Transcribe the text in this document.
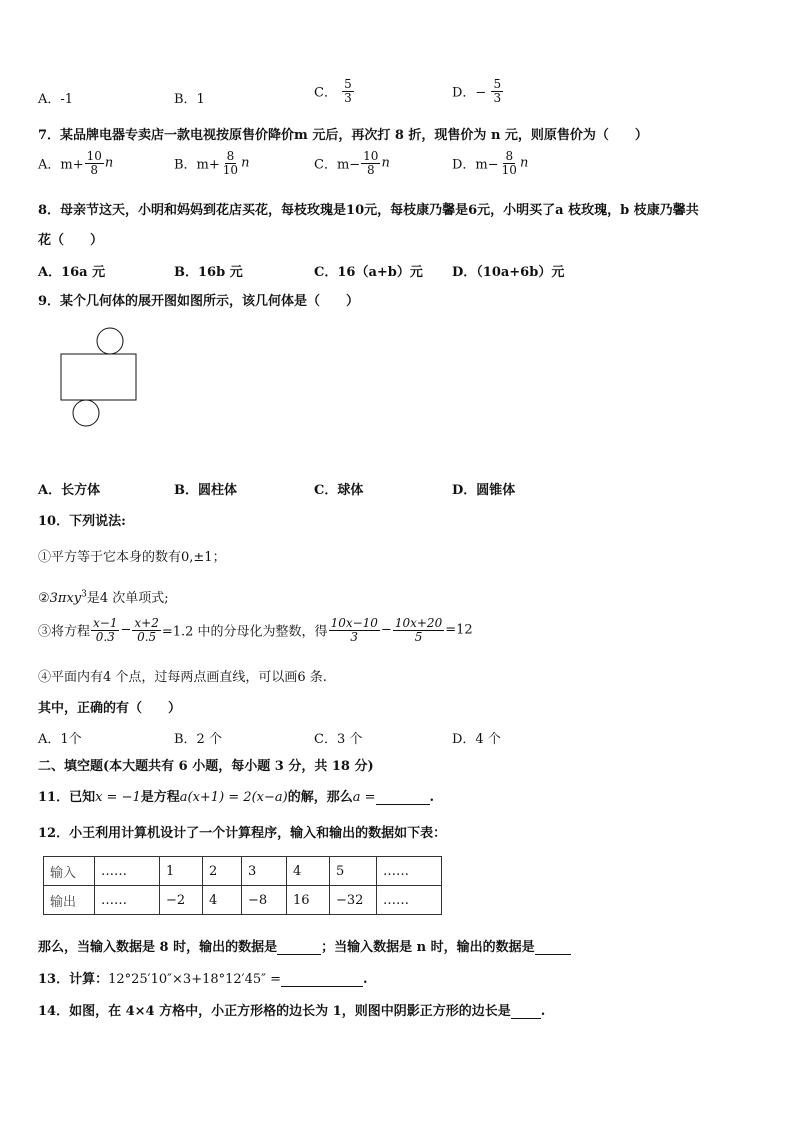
A．-1	B．1	C． $\frac{5}{3}$	D．− $\frac{5}{3}$
7．某品牌电器专卖店一款电视按原售价降价m 元后，再次打 8 折，现售价为 n 元，则原售价为（　　）
A．$m+ \frac{10}{8}$ n	B．$m+ \frac{8}{10}$ n	C．$m- \frac{10}{8}$ n	D．$m- \frac{8}{10}$ n
8．母亲节这天，小明和妈妈到花店买花，每枝玫瑰是10元，每枝康乃馨是6元，小明买了a 枝玫瑰，b 枝康乃馨共
花（　　）
A．16a 元	B．16b 元	C．16（a+b）元 D．（10a+6b）元
9．某个几何体的展开图如图所示，该几何体是（　　）
A．长方体	B．圆柱体	C．球体	D．圆锥体
10．下列说法:
①平方等于它本身的数有0,±1；
②3πxy$^3$是4 次单项式;
③将方程 $\frac{x-1}{0.3} - \frac{x+2}{0.5} =1.2$ 中的分母化为整数，得 $\frac{10x-10}{3} - \frac{10x+20}{5} =12$
④平面内有4 个点，过每两点画直线，可以画6 条.
其中，正确的有（　　）
A．1个	B．2 个	C．3 个	D．4 个
二、填空题(本大题共有 6 小题，每小题 3 分，共 18 分)
11．已知x = −1是方程a(x+1) = 2(x−a)的解，那么a =	.
12．小王利用计算机设计了一个计算程序，输入和输出的数据如下表：
输入	……	1	2	3	4	5	……
输出	……	−2	4	−8	16	−32	……
那么，当输入数据是 8 时，输出的数据是	；当输入数据是 n 时，输出的数据是
13．计算：12°25′10″×3+18°12′45″ =	.
14．如图，在 4×4 方格中，小正方形格的边长为 1，则图中阴影正方形的边长是 .
